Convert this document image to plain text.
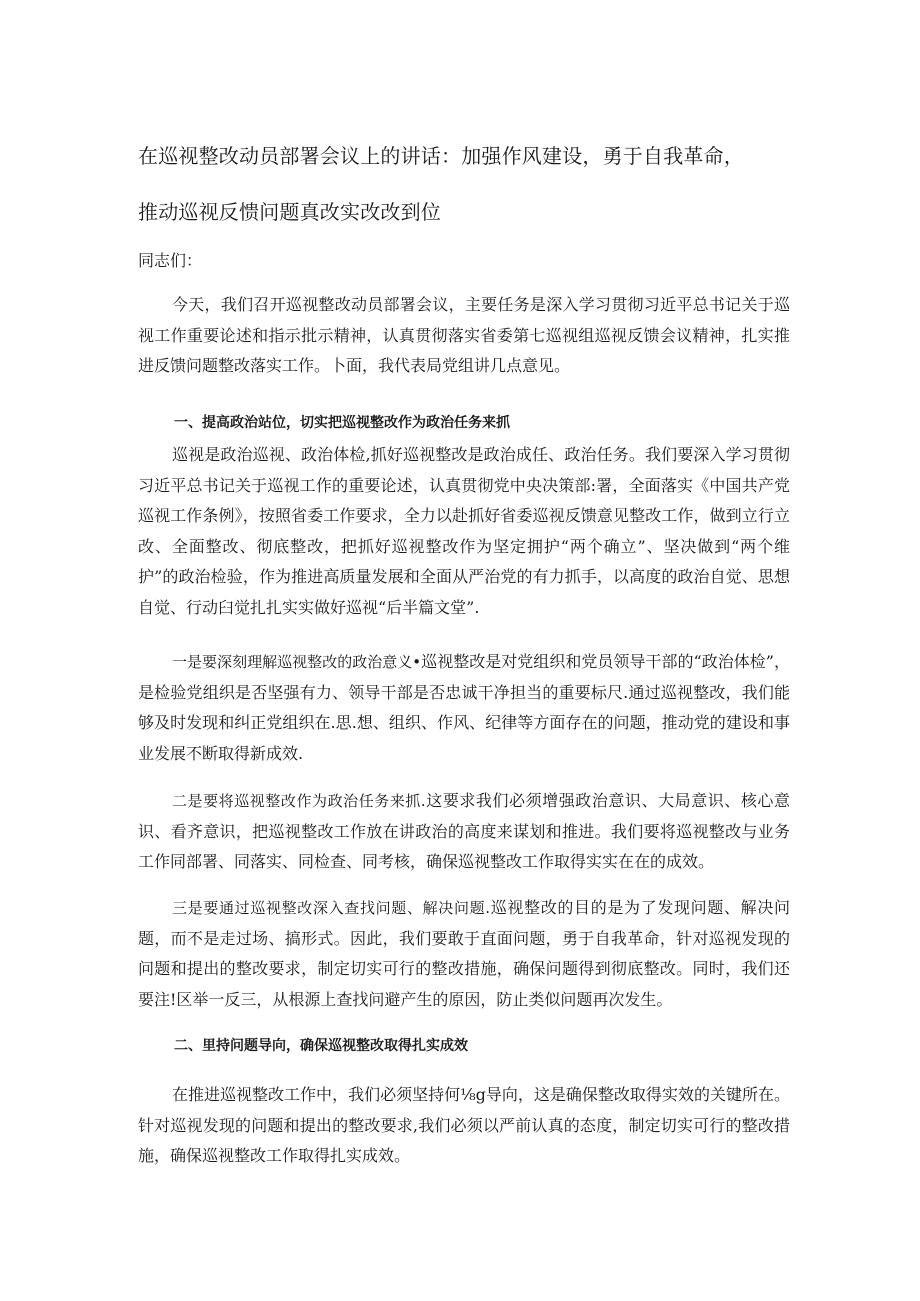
在巡视整改动员部署会议上的讲话：加强作风建设，勇于自我革命，
推动巡视反愦问题真改实改改到位

同志们：

今天，我们召开巡视整改动员部署会议，主要任务是深入学习贯彻习近平总书记关于巡视工作重要论述和指示批示精神，认真贯彻落实省委第七巡视组巡视反馈会议精神，扎实推进反馈问题整改落实工作。卜面，我代表局党组讲几点意见。

一、提高政治站位，切实把巡视整改作为政治任务来抓

巡视是政治巡视、政治体检,抓好巡视整改是政治成任、政治任务。我们要深入学习贯彻习近平总书记关于巡视工作的重要论述，认真贯彻党中央决策部:署，全面落实《中国共产党巡视工作条例》，按照省委工作要求，全力以赴抓好省委巡视反馈意见整改工作，做到立行立改、全面整改、彻底整改，把抓好巡视整改作为坚定拥护“两个确立”、坚决做到“两个维护”的政治检验，作为推进高质量发展和全面从严治党的有力抓手，以高度的政治自觉、思想自觉、行动臼觉扎扎实实做好巡视“后半篇文堂”.

一是要深刻理解巡视整改的政治意义•巡视整改是对党组织和党员领导干部的“政治体检”，是检验党组织是否坚强有力、领导干部是否忠诚干净担当的重要标尺.通过巡视整改，我们能够及时发现和纠正党组织在.思.想、组织、作风、纪律等方面存在的问题，推动党的建设和事业发展不断取得新成效.

二是要将巡视整改作为政治任务来抓.这要求我们必须增强政治意识、大局意识、核心意识、看齐意识，把巡视整改工作放在讲政治的高度来谋划和推进。我们要将巡视整改与业务工作同部署、同落实、同检查、同考核，确保巡视整改工作取得实实在在的成效。

三是要通过巡视整改深入查找问题、解决问题.巡视整改的目的是为了发现问题、解决问题，而不是走过场、搞形式。因此，我们要敢于直面问题，勇于自我革命，针对巡视发现的问题和提出的整改要求，制定切实可行的整改措施，确保问题得到彻底整改。同时，我们还要注!区举一反三，从根源上查找问避产生的原因，防止类似问题再次发生。

二、里持问题导向，确保巡视整改取得扎实成效

在推进巡视整改工作中，我们必须坚持何⅛g导向，这是确保整改取得实效的关键所在。针对巡视发现的问题和提出的整改要求,我们必须以严前认真的态度，制定切实可行的整改措施，确保巡视整改工作取得扎实成效。
